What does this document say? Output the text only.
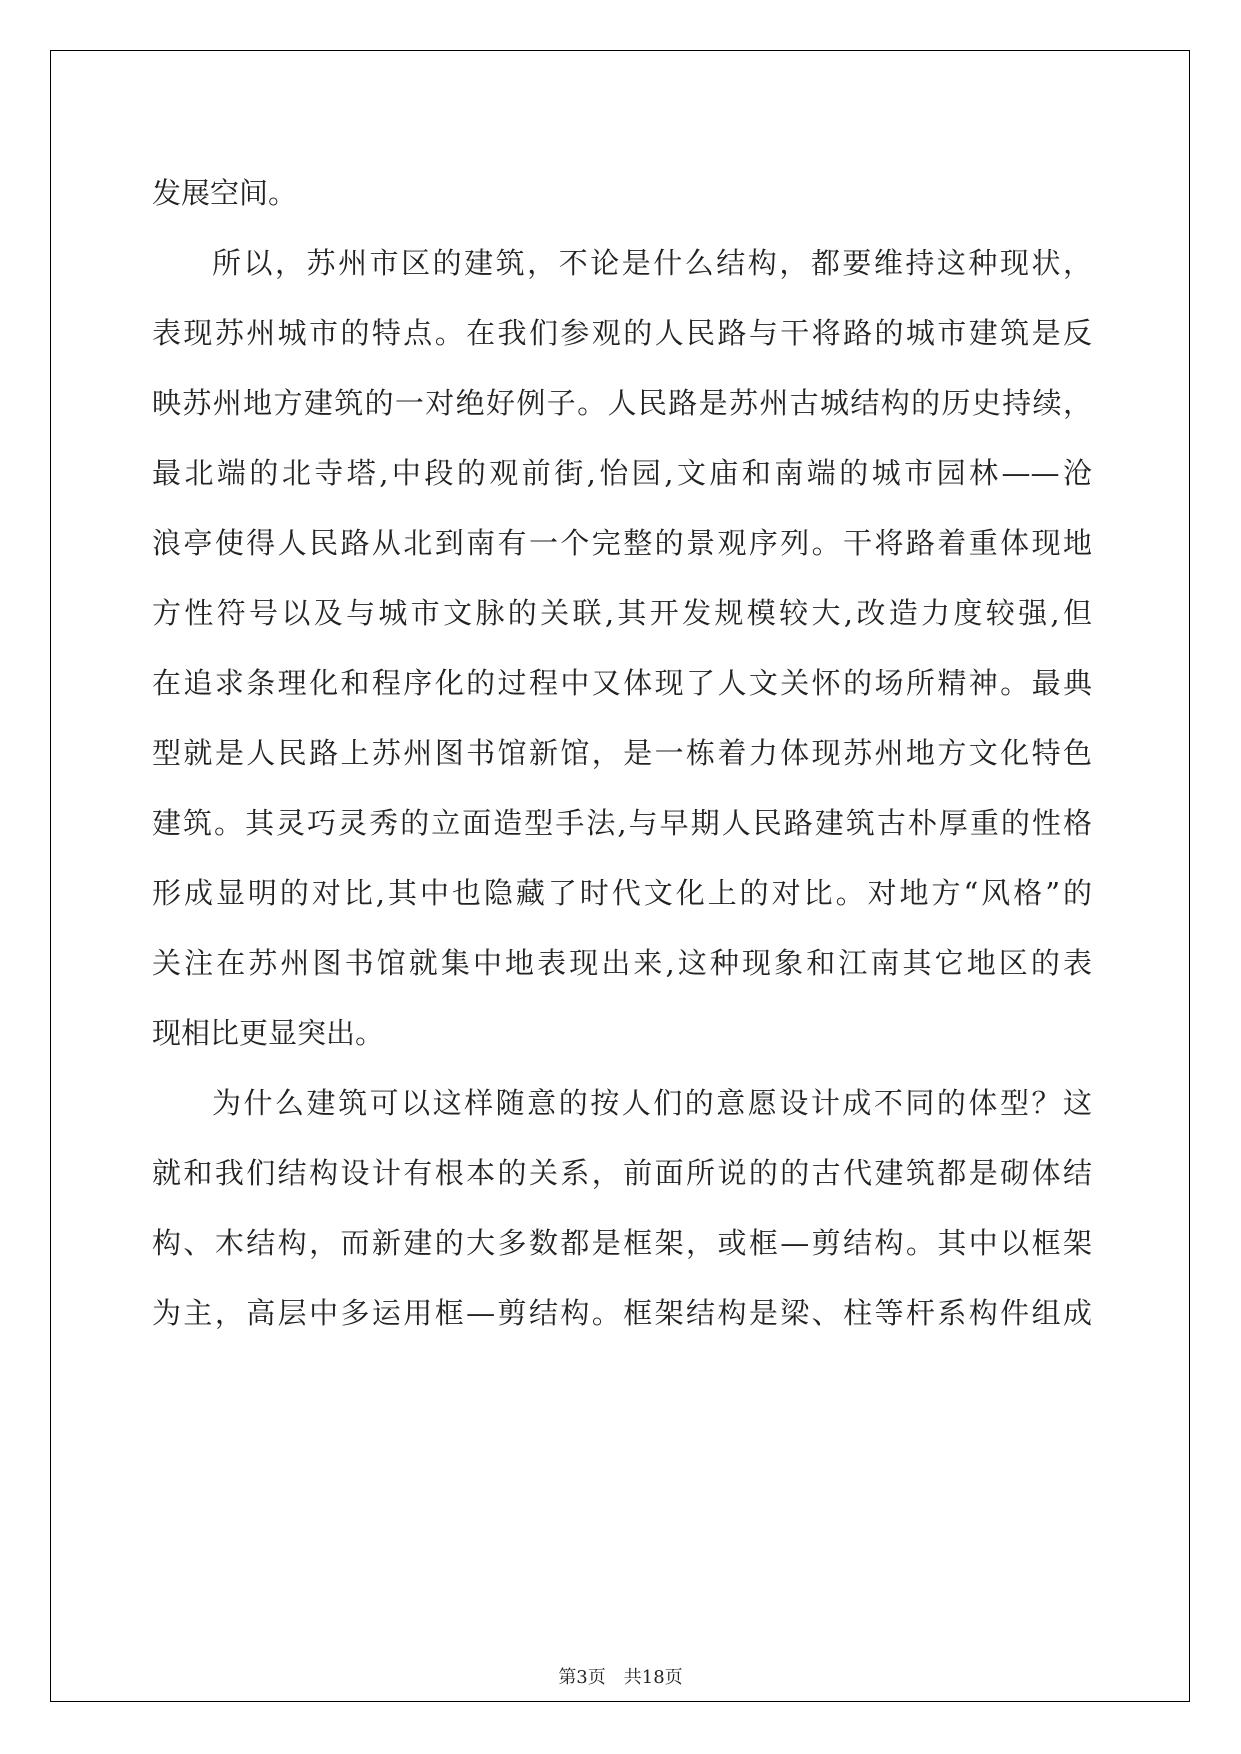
发展空间。
所以，苏州市区的建筑，不论是什么结构，都要维持这种现状，
表现苏州城市的特点。在我们参观的人民路与干将路的城市建筑是反
映苏州地方建筑的一对绝好例子。人民路是苏州古城结构的历史持续，
最北端的北寺塔,中段的观前街,怡园,文庙和南端的城市园林——沧
浪亭使得人民路从北到南有一个完整的景观序列。干将路着重体现地
方性符号以及与城市文脉的关联,其开发规模较大,改造力度较强,但
在追求条理化和程序化的过程中又体现了人文关怀的场所精神。最典
型就是人民路上苏州图书馆新馆，是一栋着力体现苏州地方文化特色
建筑。其灵巧灵秀的立面造型手法,与早期人民路建筑古朴厚重的性格
形成显明的对比,其中也隐藏了时代文化上的对比。对地方“风格”的
关注在苏州图书馆就集中地表现出来,这种现象和江南其它地区的表
现相比更显突出。
为什么建筑可以这样随意的按人们的意愿设计成不同的体型？这
就和我们结构设计有根本的关系，前面所说的的古代建筑都是砌体结
构、木结构，而新建的大多数都是框架，或框—剪结构。其中以框架
为主，高层中多运用框—剪结构。框架结构是梁、柱等杆系构件组成
第3页 共18页
